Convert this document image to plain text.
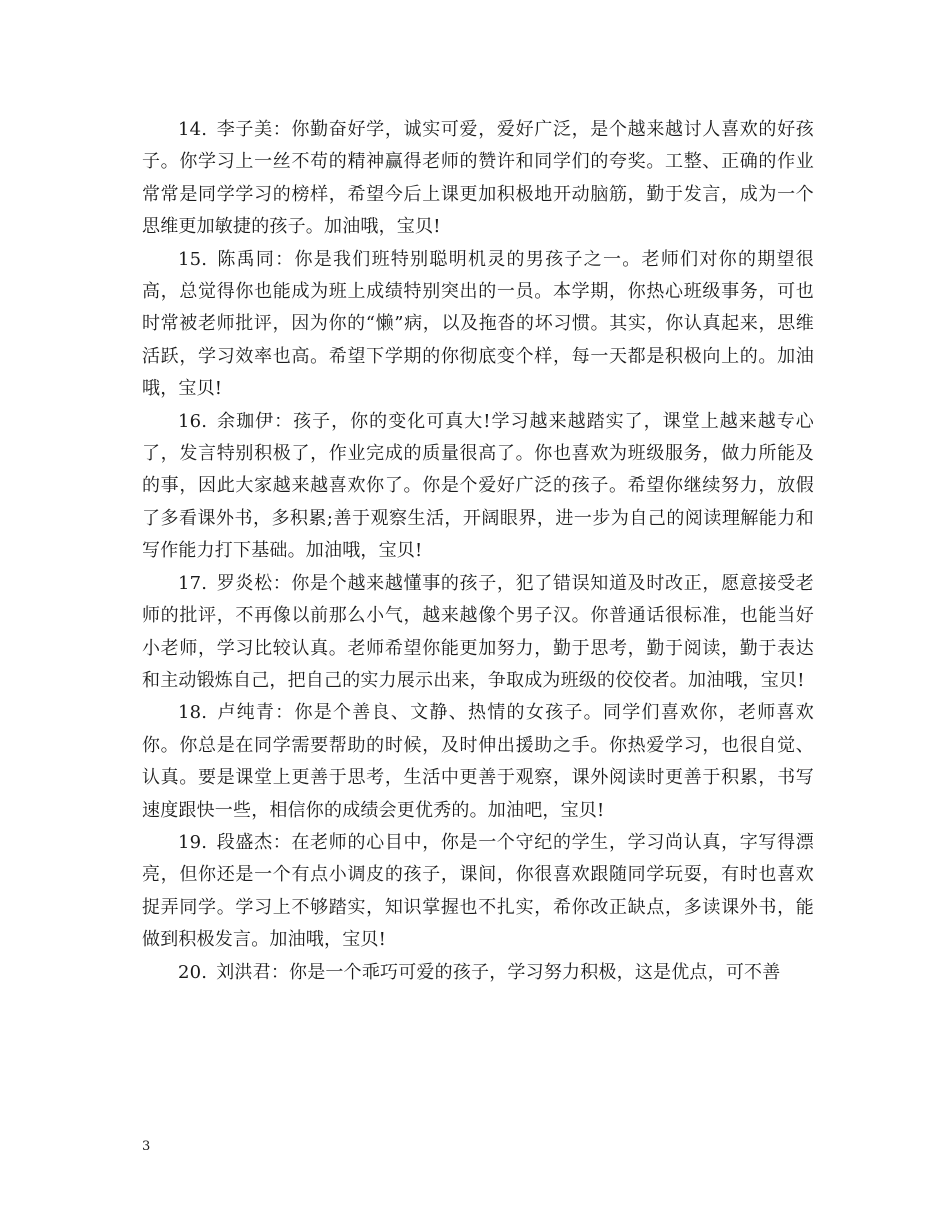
14. 李子美：你勤奋好学，诚实可爱，爱好广泛，是个越来越讨人喜欢的好孩子。你学习上一丝不苟的精神赢得老师的赞许和同学们的夸奖。工整、正确的作业常常是同学学习的榜样，希望今后上课更加积极地开动脑筋，勤于发言，成为一个思维更加敏捷的孩子。加油哦，宝贝!

15. 陈禹同：你是我们班特别聪明机灵的男孩子之一。老师们对你的期望很高，总觉得你也能成为班上成绩特别突出的一员。本学期，你热心班级事务，可也时常被老师批评，因为你的“懒”病，以及拖沓的坏习惯。其实，你认真起来，思维活跃，学习效率也高。希望下学期的你彻底变个样，每一天都是积极向上的。加油哦，宝贝!

16. 余珈伊：孩子，你的变化可真大!学习越来越踏实了，课堂上越来越专心了，发言特别积极了，作业完成的质量很高了。你也喜欢为班级服务，做力所能及的事，因此大家越来越喜欢你了。你是个爱好广泛的孩子。希望你继续努力，放假了多看课外书，多积累;善于观察生活，开阔眼界，进一步为自己的阅读理解能力和写作能力打下基础。加油哦，宝贝!

17. 罗炎松：你是个越来越懂事的孩子，犯了错误知道及时改正，愿意接受老师的批评，不再像以前那么小气，越来越像个男子汉。你普通话很标准，也能当好小老师，学习比较认真。老师希望你能更加努力，勤于思考，勤于阅读，勤于表达和主动锻炼自己，把自己的实力展示出来，争取成为班级的佼佼者。加油哦，宝贝!

18. 卢纯青：你是个善良、文静、热情的女孩子。同学们喜欢你，老师喜欢你。你总是在同学需要帮助的时候，及时伸出援助之手。你热爱学习，也很自觉、认真。要是课堂上更善于思考，生活中更善于观察，课外阅读时更善于积累，书写速度跟快一些，相信你的成绩会更优秀的。加油吧，宝贝!

19. 段盛杰：在老师的心目中，你是一个守纪的学生，学习尚认真，字写得漂亮，但你还是一个有点小调皮的孩子，课间，你很喜欢跟随同学玩耍，有时也喜欢捉弄同学。学习上不够踏实，知识掌握也不扎实，希你改正缺点，多读课外书，能做到积极发言。加油哦，宝贝!

20. 刘洪君：你是一个乖巧可爱的孩子，学习努力积极，这是优点，可不善

3
